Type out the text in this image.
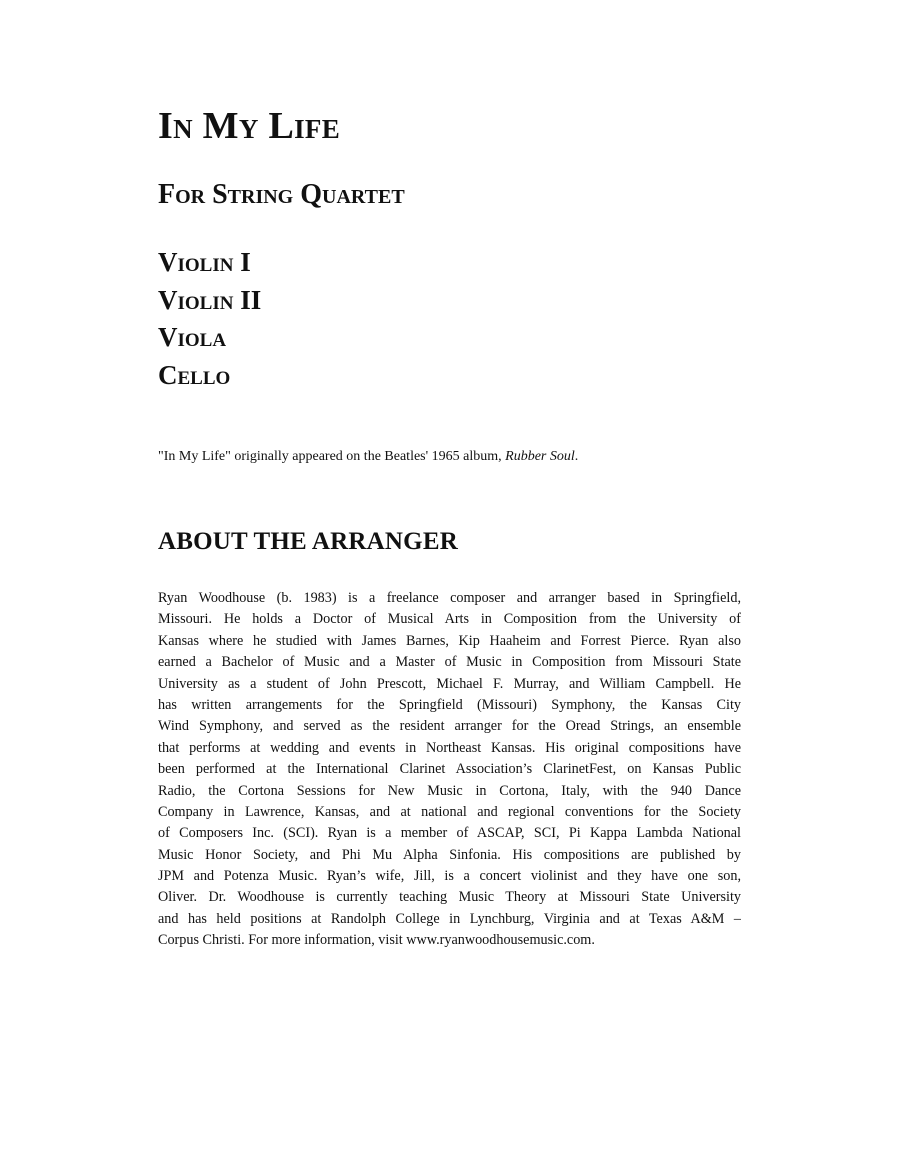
In My Life
For String Quartet
Violin I
Violin II
Viola
Cello

"In My Life" originally appeared on the Beatles' 1965 album, Rubber Soul.

ABOUT THE ARRANGER
Ryan Woodhouse (b. 1983) is a freelance composer and arranger based in Springfield,
Missouri. He holds a Doctor of Musical Arts in Composition from the University of
Kansas where he studied with James Barnes, Kip Haaheim and Forrest Pierce. Ryan also
earned a Bachelor of Music and a Master of Music in Composition from Missouri State
University as a student of John Prescott, Michael F. Murray, and William Campbell. He
has written arrangements for the Springfield (Missouri) Symphony, the Kansas City
Wind Symphony, and served as the resident arranger for the Oread Strings, an ensemble
that performs at wedding and events in Northeast Kansas. His original compositions have
been performed at the International Clarinet Association’s ClarinetFest, on Kansas Public
Radio, the Cortona Sessions for New Music in Cortona, Italy, with the 940 Dance
Company in Lawrence, Kansas, and at national and regional conventions for the Society
of Composers Inc. (SCI). Ryan is a member of ASCAP, SCI, Pi Kappa Lambda National
Music Honor Society, and Phi Mu Alpha Sinfonia. His compositions are published by
JPM and Potenza Music. Ryan’s wife, Jill, is a concert violinist and they have one son,
Oliver. Dr. Woodhouse is currently teaching Music Theory at Missouri State University
and has held positions at Randolph College in Lynchburg, Virginia and at Texas A&M –
Corpus Christi. For more information, visit www.ryanwoodhousemusic.com.
